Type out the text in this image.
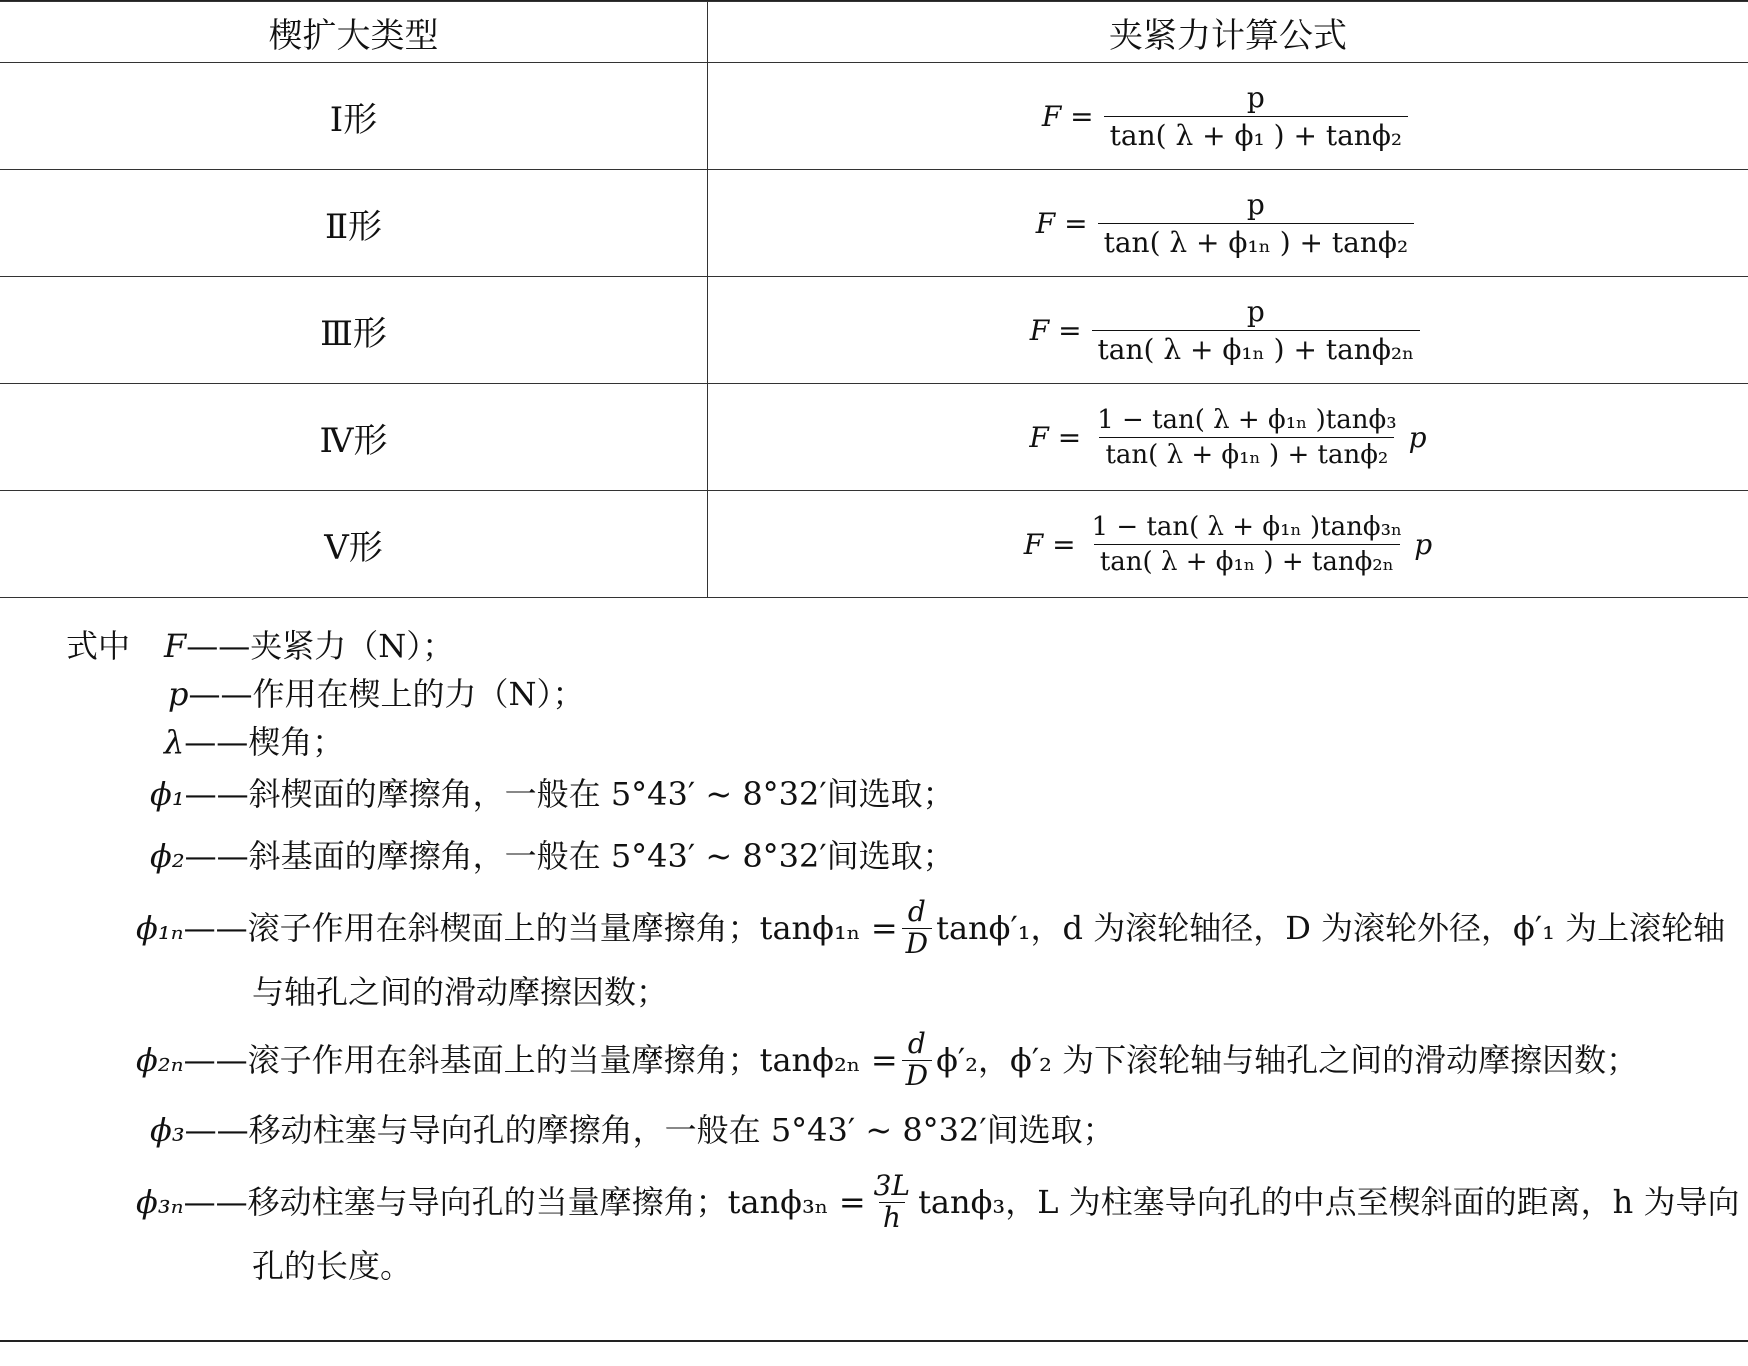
楔扩大类型	夹紧力计算公式
Ⅰ形	$F = \frac{p}{\text{tan( λ + ϕ₁ ) + tanϕ₂}}$

Ⅱ形	$F = \frac{p}{\text{tan( λ + ϕ₁ₙ ) + tanϕ₂}}$

Ⅲ形	$F = \frac{p}{\text{tan( λ + ϕ₁ₙ ) + tanϕ₂ₙ}}$

Ⅳ形	$F = \frac{\text{1 − tan( λ + ϕ₁ₙ )tanϕ₃}}{\text{tan( λ + ϕ₁ₙ ) + tanϕ₂}}$ p

Ⅴ形	$F = \frac{\text{1 − tan( λ + ϕ₁ₙ )tanϕ₃ₙ}}{\text{tan( λ + ϕ₁ₙ ) + tanϕ₂ₙ}}$ p
式中 F ——夹紧力（N）；
p ——作用在楔上的力（N）；
λ ——楔角；
ϕ₁ ——斜楔面的摩擦角，一般在 5°43′ ~ 8°32′间选取；
ϕ₂ ——斜基面的摩擦角，一般在 5°43′ ~ 8°32′间选取；
ϕ₁ₙ ——滚子作用在斜楔面上的当量摩擦角；$\tan\phi_{1n} = \frac{d}{D} \tan\phi'_1$，d 为滚轮轴径，D 为滚轮外径，ϕ′₁ 为上滚轮轴
与轴孔之间的滑动摩擦因数；
ϕ₂ₙ ——滚子作用在斜基面上的当量摩擦角；$\tan\phi_{2n} = \frac{d}{D} \phi'_2$，ϕ′₂ 为下滚轮轴与轴孔之间的滑动摩擦因数；
ϕ₃ ——移动柱塞与导向孔的摩擦角，一般在 5°43′ ~ 8°32′间选取；
ϕ₃ₙ ——移动柱塞与导向孔的当量摩擦角；$\tan\phi_{3n} = \frac{3L}{h} \tan\phi_3$，L 为柱塞导向孔的中点至楔斜面的距离，h 为导向
孔的长度。
